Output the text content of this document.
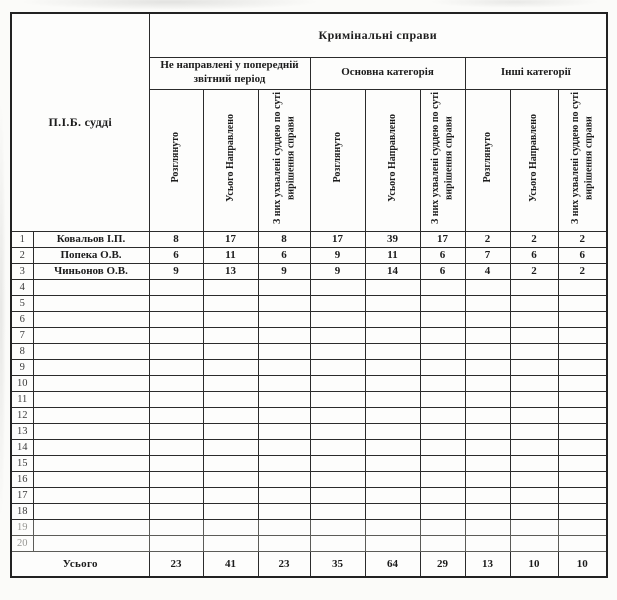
П.І.Б. судді		Кримінальні справи								
		Не направлені у попередній звітний період			Основна категорія			Інші категорії		
		Розглянуто	Усього Направлено	З них ухвалені суддею по суті вирішення справи	Розглянуто	Усього Направлено	З них ухвалені суддею по суті вирішення справи	Розглянуто	Усього Направлено	З них ухвалені суддею по суті вирішення справи
1	Ковальов І.П.	8	17	8	17	39	17	2	2	2
2	Попека О.В.	6	11	6	9	11	6	7	6	6
3	Чиньонов О.В.	9	13	9	9	14	6	4	2	2
4										
5										
6										
7										
8										
9										
10										
11										
12										
13										
14										
15										
16										
17										
18										
19										
20										
Усього		23	41	23	35	64	29	13	10	10
